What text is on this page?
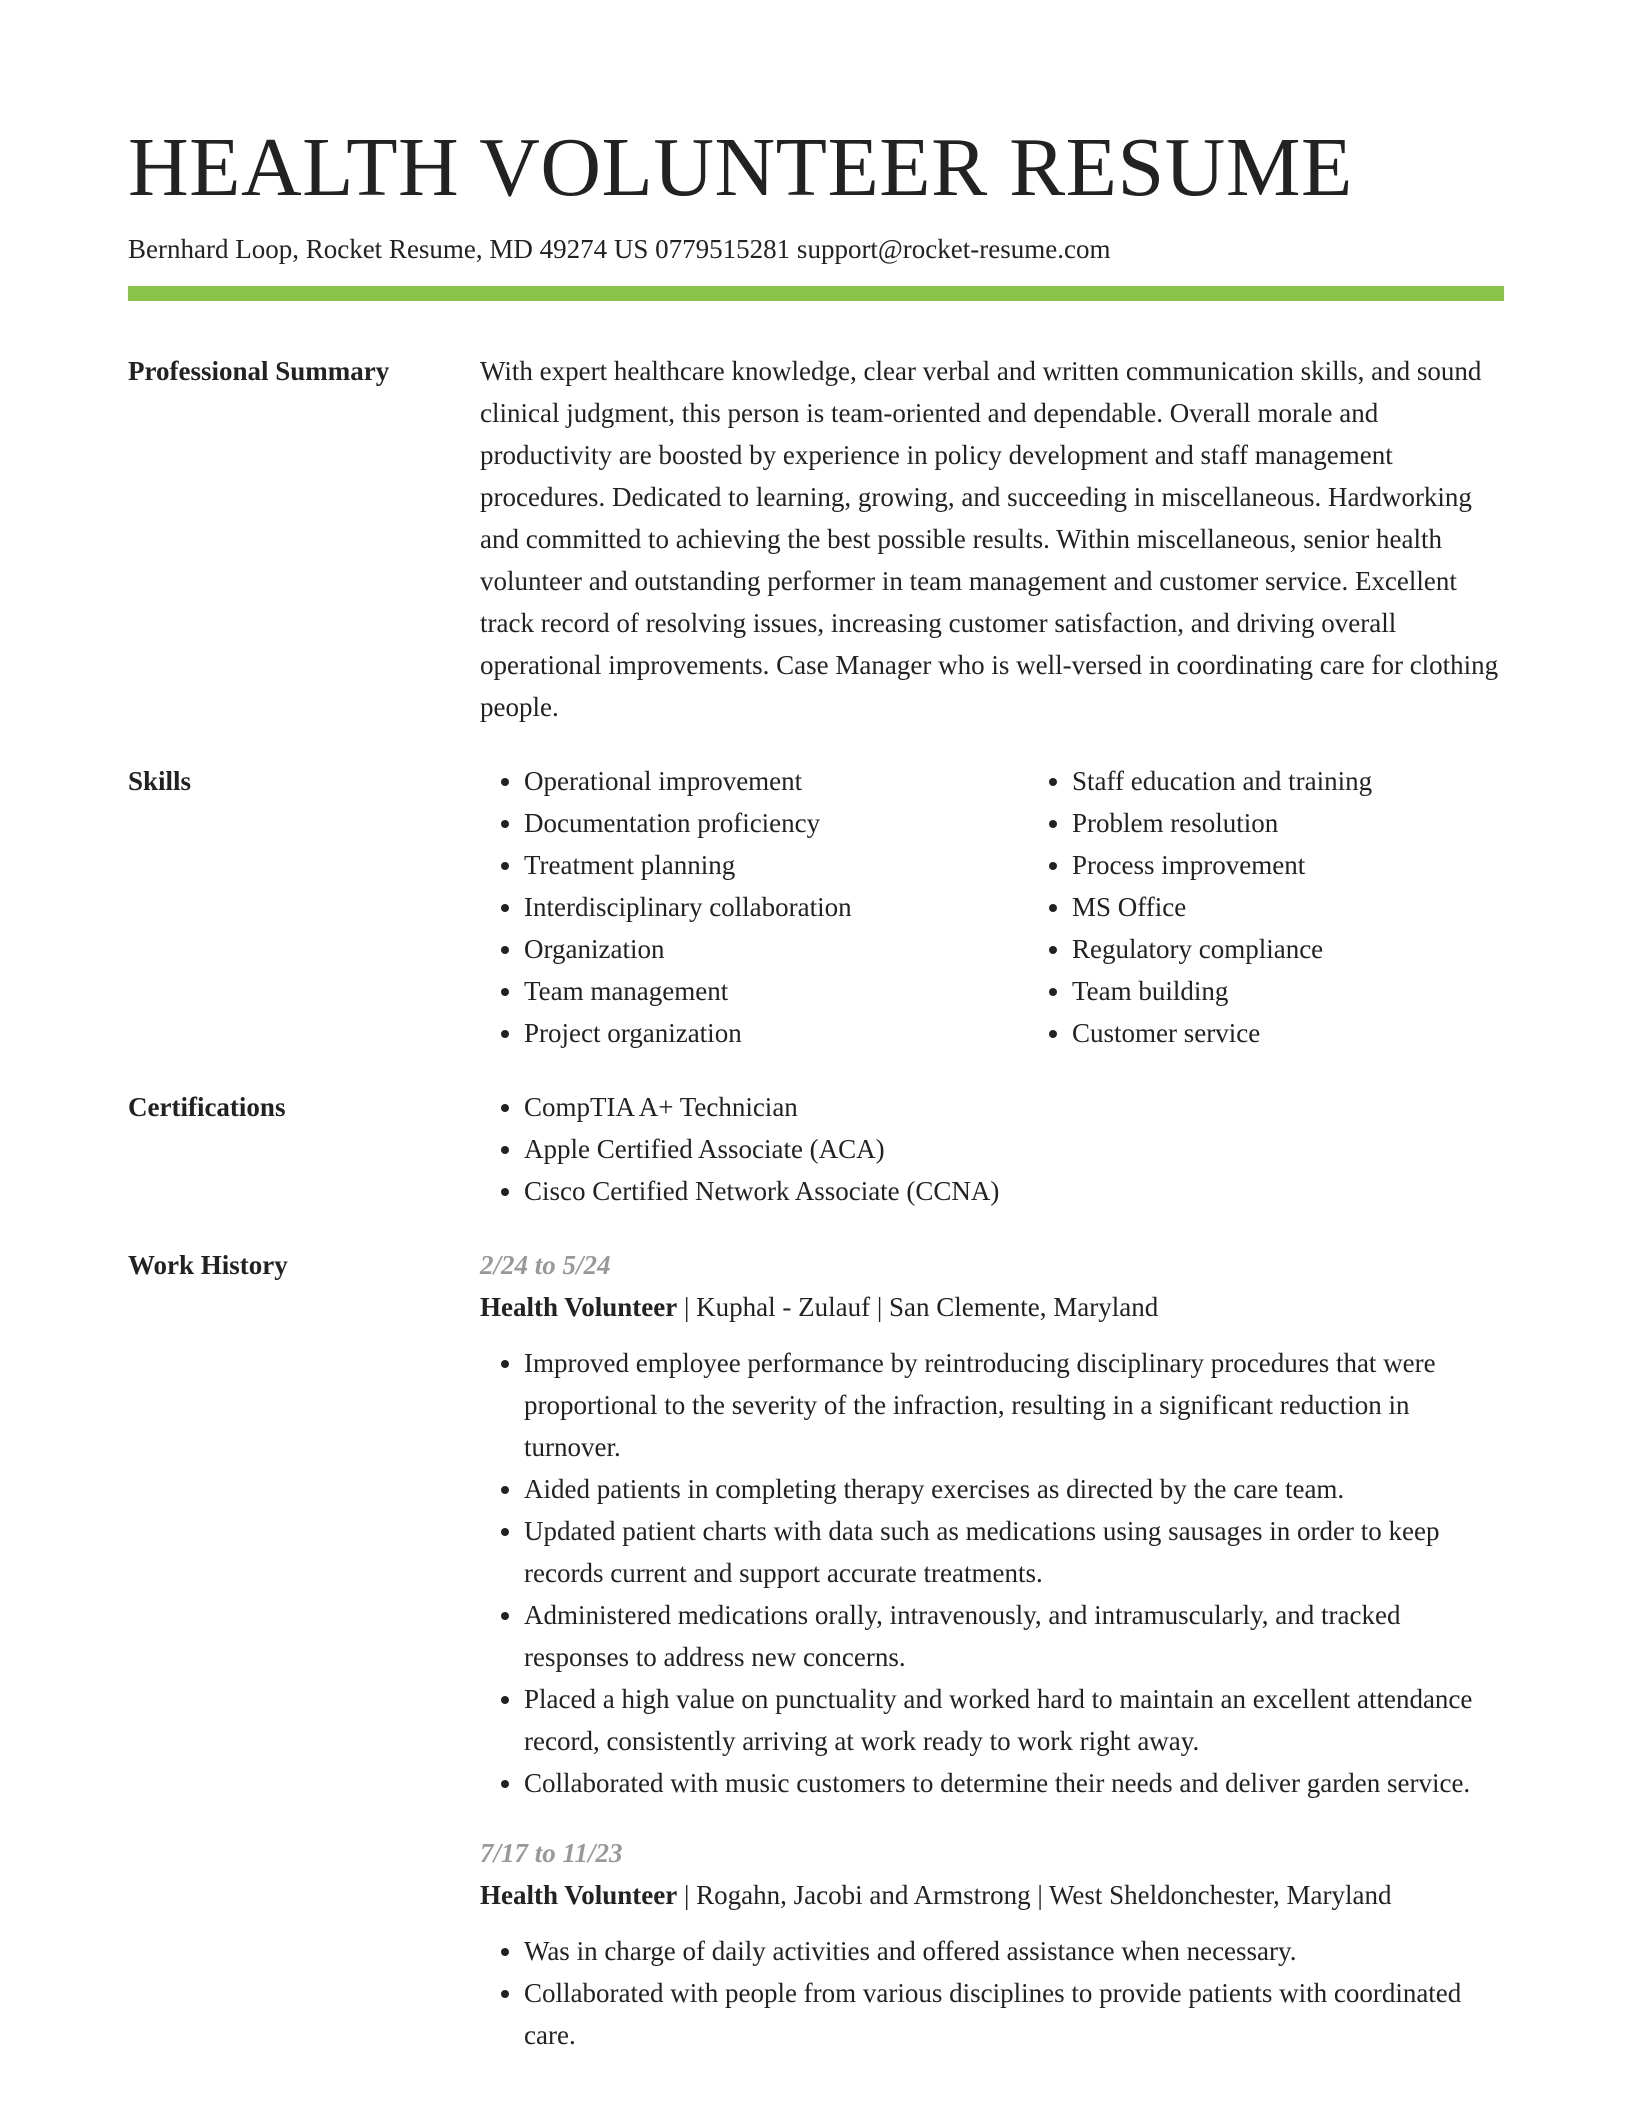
HEALTH VOLUNTEER RESUME
Bernhard Loop, Rocket Resume, MD 49274 US 0779515281 support@rocket-resume.com
Professional Summary	With expert healthcare knowledge, clear verbal and written communication skills, and sound clinical judgment, this person is team-oriented and dependable. Overall morale and productivity are boosted by experience in policy development and staff management procedures. Dedicated to learning, growing, and succeeding in miscellaneous. Hardworking and committed to achieving the best possible results. Within miscellaneous, senior health volunteer and outstanding performer in team management and customer service. Excellent track record of resolving issues, increasing customer satisfaction, and driving overall operational improvements. Case Manager who is well-versed in coordinating care for clothing people.

Skills	• Operational improvement
• Documentation proficiency
• Treatment planning
• Interdisciplinary collaboration
• Organization
• Team management
• Project organization
• Staff education and training
• Problem resolution
• Process improvement
• MS Office
• Regulatory compliance
• Team building
• Customer service
Certifications	• CompTIA A+ Technician
• Apple Certified Associate (ACA)
• Cisco Certified Network Associate (CCNA)
Work History	2/24 to 5/24
Health Volunteer | Kuphal - Zulauf | San Clemente, Maryland
• Improved employee performance by reintroducing disciplinary procedures that were proportional to the severity of the infraction, resulting in a significant reduction in turnover.
• Aided patients in completing therapy exercises as directed by the care team.
• Updated patient charts with data such as medications using sausages in order to keep records current and support accurate treatments.
• Administered medications orally, intravenously, and intramuscularly, and tracked responses to address new concerns.
• Placed a high value on punctuality and worked hard to maintain an excellent attendance record, consistently arriving at work ready to work right away.
• Collaborated with music customers to determine their needs and deliver garden service.
7/17 to 11/23
Health Volunteer | Rogahn, Jacobi and Armstrong | West Sheldonchester, Maryland
• Was in charge of daily activities and offered assistance when necessary.
• Collaborated with people from various disciplines to provide patients with coordinated care.
